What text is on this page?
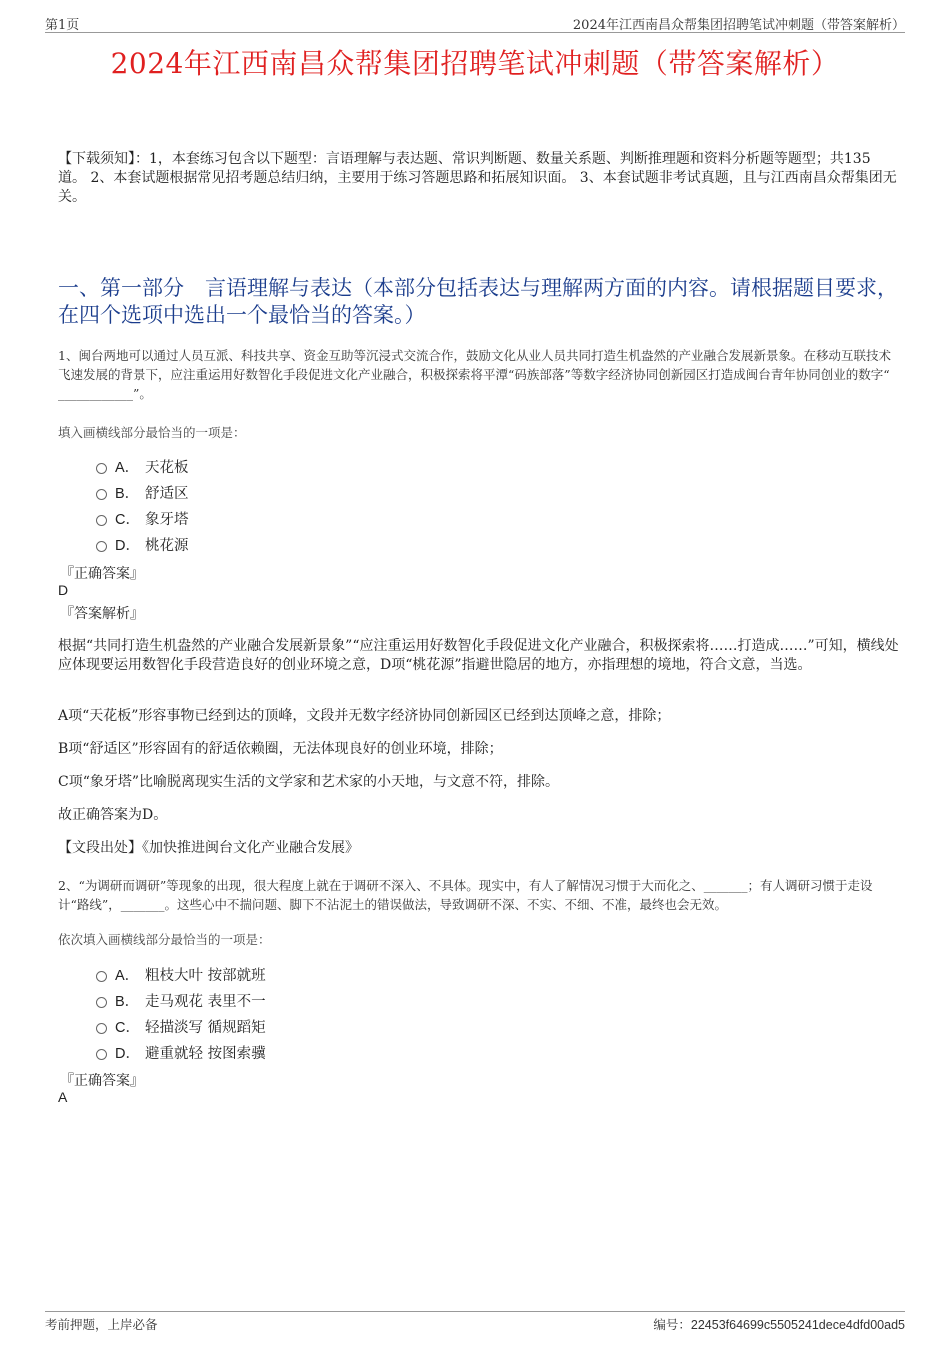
第1页	2024年江西南昌众帮集团招聘笔试冲刺题（带答案解析）
2024年江西南昌众帮集团招聘笔试冲刺题（带答案解析）
【下载须知】：1，本套练习包含以下题型：言语理解与表达题、常识判断题、数量关系题、判断推理题和资料分析题等题型；共135道。 2、本套试题根据常见招考题总结归纳，主要用于练习答题思路和拓展知识面。 3、本套试题非考试真题，且与江西南昌众帮集团无关。
一、第一部分　言语理解与表达（本部分包括表达与理解两方面的内容。请根据题目要求，在四个选项中选出一个最恰当的答案。）
1、闽台两地可以通过人员互派、科技共享、资金互助等沉浸式交流合作，鼓励文化从业人员共同打造生机盎然的产业融合发展新景象。在移动互联技术飞速发展的背景下，应注重运用好数智化手段促进文化产业融合，积极探索将平潭“码族部落”等数字经济协同创新园区打造成闽台青年协同创业的数字“ ____________”。
填入画横线部分最恰当的一项是：
A． 天花板
B． 舒适区
C． 象牙塔
D． 桃花源
『正确答案』
D
『答案解析』
根据“共同打造生机盎然的产业融合发展新景象”“应注重运用好数智化手段促进文化产业融合，积极探索将……打造成……”可知，横线处应体现要运用数智化手段营造良好的创业环境之意，D项“桃花源”指避世隐居的地方，亦指理想的境地，符合文意，当选。
A项“天花板”形容事物已经到达的顶峰，文段并无数字经济协同创新园区已经到达顶峰之意，排除；
B项“舒适区”形容固有的舒适依赖圈，无法体现良好的创业环境，排除；
C项“象牙塔”比喻脱离现实生活的文学家和艺术家的小天地，与文意不符，排除。
故正确答案为D。
【文段出处】《加快推进闽台文化产业融合发展》
2、“为调研而调研”等现象的出现，很大程度上就在于调研不深入、不具体。现实中，有人了解情况习惯于大而化之、_______；有人调研习惯于走设计“路线”，_______。这些心中不揣问题、脚下不沾泥土的错误做法，导致调研不深、不实、不细、不准，最终也会无效。
依次填入画横线部分最恰当的一项是：
A． 粗枝大叶 按部就班
B． 走马观花 表里不一
C． 轻描淡写 循规蹈矩
D． 避重就轻 按图索骥
『正确答案』
A
考前押题，上岸必备	编号：22453f64699c5505241dece4dfd00ad5
